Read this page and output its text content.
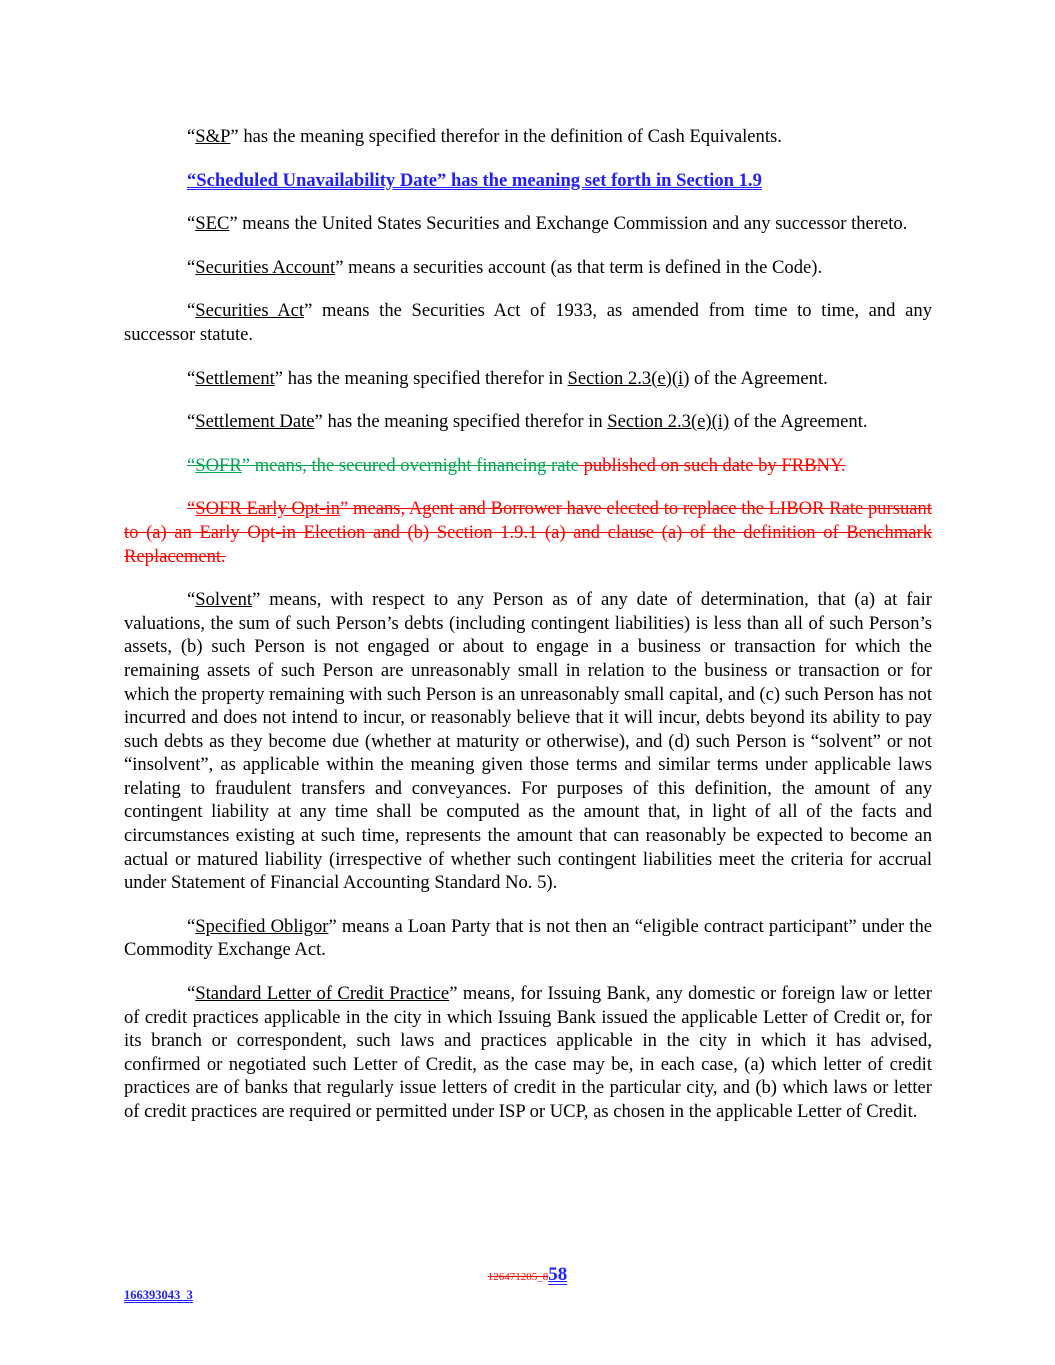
“S&P” has the meaning specified therefor in the definition of Cash Equivalents.

“Scheduled Unavailability Date” has the meaning set forth in Section 1.9

“SEC” means the United States Securities and Exchange Commission and any successor thereto.

“Securities Account” means a securities account (as that term is defined in the Code).

“Securities Act” means the Securities Act of 1933, as amended from time to time, and any successor statute.

“Settlement” has the meaning specified therefor in Section 2.3(e)(i) of the Agreement.

“Settlement Date” has the meaning specified therefor in Section 2.3(e)(i) of the Agreement.

“SOFR” means, the secured overnight financing rate published on such date by FRBNY.

“SOFR Early Opt-in” means, Agent and Borrower have elected to replace the LIBOR Rate pursuant to (a) an Early Opt-in Election and (b) Section 1.9.1 (a) and clause (a) of the definition of Benchmark Replacement.

“Solvent” means, with respect to any Person as of any date of determination, that (a) at fair valuations, the sum of such Person’s debts (including contingent liabilities) is less than all of such Person’s assets, (b) such Person is not engaged or about to engage in a business or transaction for which the remaining assets of such Person are unreasonably small in relation to the business or transaction or for which the property remaining with such Person is an unreasonably small capital, and (c) such Person has not incurred and does not intend to incur, or reasonably believe that it will incur, debts beyond its ability to pay such debts as they become due (whether at maturity or otherwise), and (d) such Person is “solvent” or not “insolvent”, as applicable within the meaning given those terms and similar terms under applicable laws relating to fraudulent transfers and conveyances. For purposes of this definition, the amount of any contingent liability at any time shall be computed as the amount that, in light of all of the facts and circumstances existing at such time, represents the amount that can reasonably be expected to become an actual or matured liability (irrespective of whether such contingent liabilities meet the criteria for accrual under Statement of Financial Accounting Standard No. 5).

“Specified Obligor” means a Loan Party that is not then an “eligible contract participant” under the Commodity Exchange Act.

“Standard Letter of Credit Practice” means, for Issuing Bank, any domestic or foreign law or letter of credit practices applicable in the city in which Issuing Bank issued the applicable Letter of Credit or, for its branch or correspondent, such laws and practices applicable in the city in which it has advised, confirmed or negotiated such Letter of Credit, as the case may be, in each case, (a) which letter of credit practices are of banks that regularly issue letters of credit in the particular city, and (b) which laws or letter of credit practices are required or permitted under ISP or UCP, as chosen in the applicable Letter of Credit.

126471205_858
166393043_3
